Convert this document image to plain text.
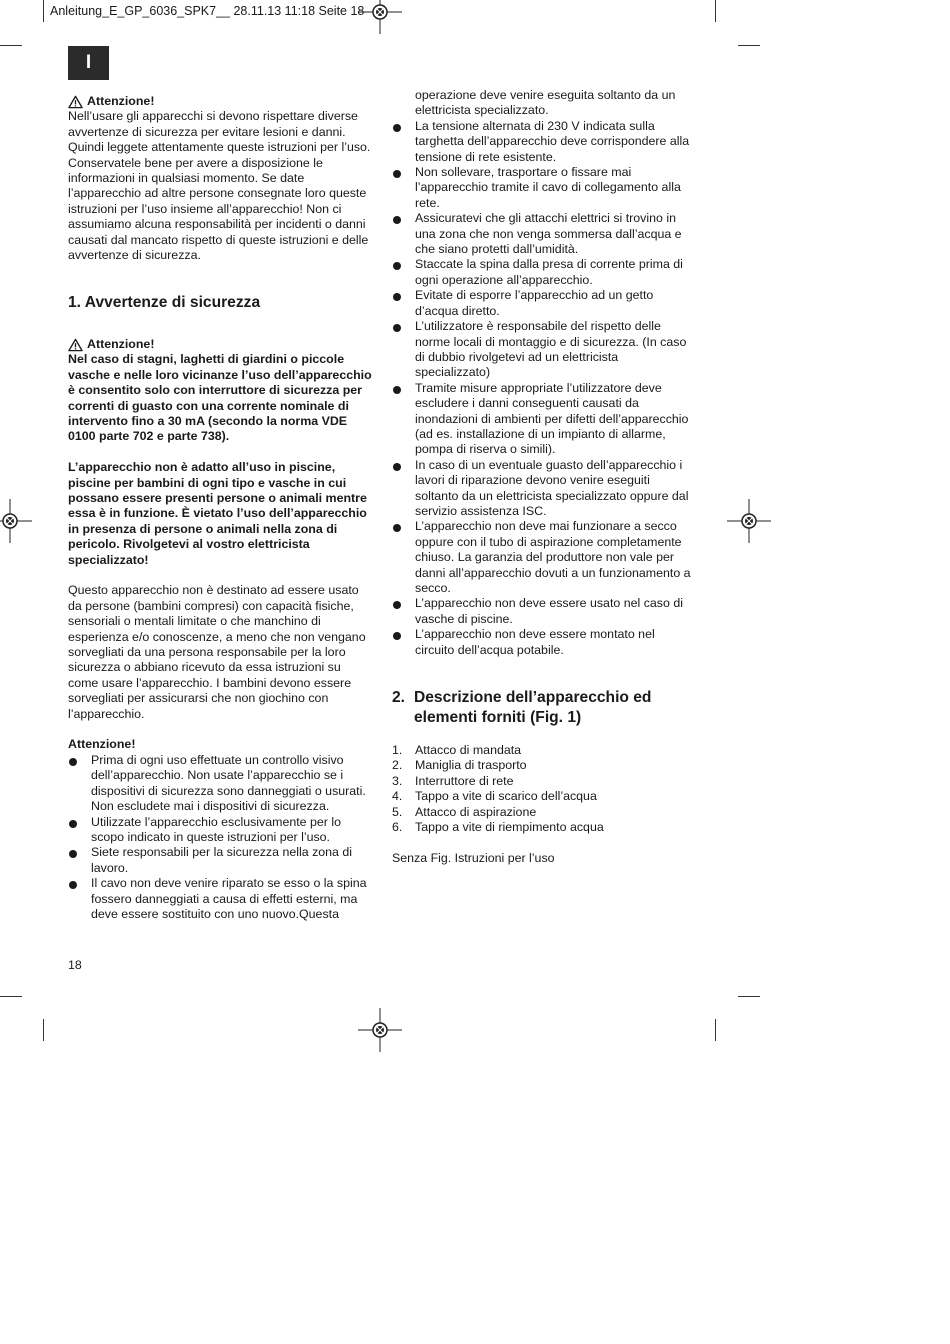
Anleitung_E_GP_6036_SPK7__ 28.11.13 11:18 Seite 18
I
Attenzione!

Nell’usare gli apparecchi si devono rispettare diverse avvertenze di sicurezza per evitare lesioni e danni. Quindi leggete attentamente queste istruzioni per l’uso. Conservatele bene per avere a disposizione le informazioni in qualsiasi momento. Se date l’apparecchio ad altre persone consegnate loro queste istruzioni per l’uso insieme all’apparecchio! Non ci assumiamo alcuna responsabilità per incidenti o danni causati dal mancato rispetto di queste istruzioni e delle avvertenze di sicurezza.

1. Avvertenze di sicurezza
Attenzione!

Nel caso di stagni, laghetti di giardini o piccole vasche e nelle loro vicinanze l’uso dell’apparecchio è consentito solo con interruttore di sicurezza per correnti di guasto con una corrente nominale di intervento fino a 30 mA (secondo la norma VDE 0100 parte 702 e parte 738).

L’apparecchio non è adatto all’uso in piscine, piscine per bambini di ogni tipo e vasche in cui possano essere presenti persone o animali mentre essa è in funzione. È vietato l’uso dell’apparecchio in presenza di persone o animali nella zona di pericolo. Rivolgetevi al vostro elettricista specializzato!

Questo apparecchio non è destinato ad essere usato da persone (bambini compresi) con capacità fisiche, sensoriali o mentali limitate o che manchino di esperienza e/o conoscenze, a meno che non vengano sorvegliati da una persona responsabile per la loro sicurezza o abbiano ricevuto da essa istruzioni su come usare l’apparecchio. I bambini devono essere sorvegliati per assicurarsi che non giochino con l’apparecchio.

Attenzione!

Prima di ogni uso effettuate un controllo visivo dell’apparecchio. Non usate l’apparecchio se i dispositivi di sicurezza sono danneggiati o usurati. Non escludete mai i dispositivi di sicurezza.
Utilizzate l’apparecchio esclusivamente per lo scopo indicato in queste istruzioni per l’uso.
Siete responsabili per la sicurezza nella zona di lavoro.
Il cavo non deve venire riparato se esso o la spina fossero danneggiati a causa di effetti esterni, ma deve essere sostituito con uno nuovo.Questa

operazione deve venire eseguita soltanto da un elettricista specializzato.

La tensione alternata di 230 V indicata sulla targhetta dell’apparecchio deve corrispondere alla tensione di rete esistente.
Non sollevare, trasportare o fissare mai l’apparecchio tramite il cavo di collegamento alla rete.
Assicuratevi che gli attacchi elettrici si trovino in una zona che non venga sommersa dall’acqua e che siano protetti dall’umidità.
Staccate la spina dalla presa di corrente prima di ogni operazione all’apparecchio.
Evitate di esporre l’apparecchio ad un getto d’acqua diretto.
L’utilizzatore è responsabile del rispetto delle norme locali di montaggio e di sicurezza. (In caso di dubbio rivolgetevi ad un elettricista specializzato)
Tramite misure appropriate l’utilizzatore deve escludere i danni conseguenti causati da inondazioni di ambienti per difetti dell’apparecchio (ad es. installazione di un impianto di allarme, pompa di riserva o simili).
In caso di un eventuale guasto dell’apparecchio i lavori di riparazione devono venire eseguiti soltanto da un elettricista specializzato oppure dal servizio assistenza ISC.
L’apparecchio non deve mai funzionare a secco oppure con il tubo di aspirazione completamente chiuso. La garanzia del produttore non vale per danni all’apparecchio dovuti a un funzionamento a secco.
L’apparecchio non deve essere usato nel caso di vasche di piscine.
L’apparecchio non deve essere montato nel circuito dell’acqua potabile.
2. Descrizione dell’apparecchio ed elementi forniti (Fig. 1)
1.	Attacco di mandata
2.	Maniglia di trasporto
3.	Interruttore di rete
4.	Tappo a vite di scarico dell’acqua
5.	Attacco di aspirazione
6.	Tappo a vite di riempimento acqua

Senza Fig. Istruzioni per l’uso

18
